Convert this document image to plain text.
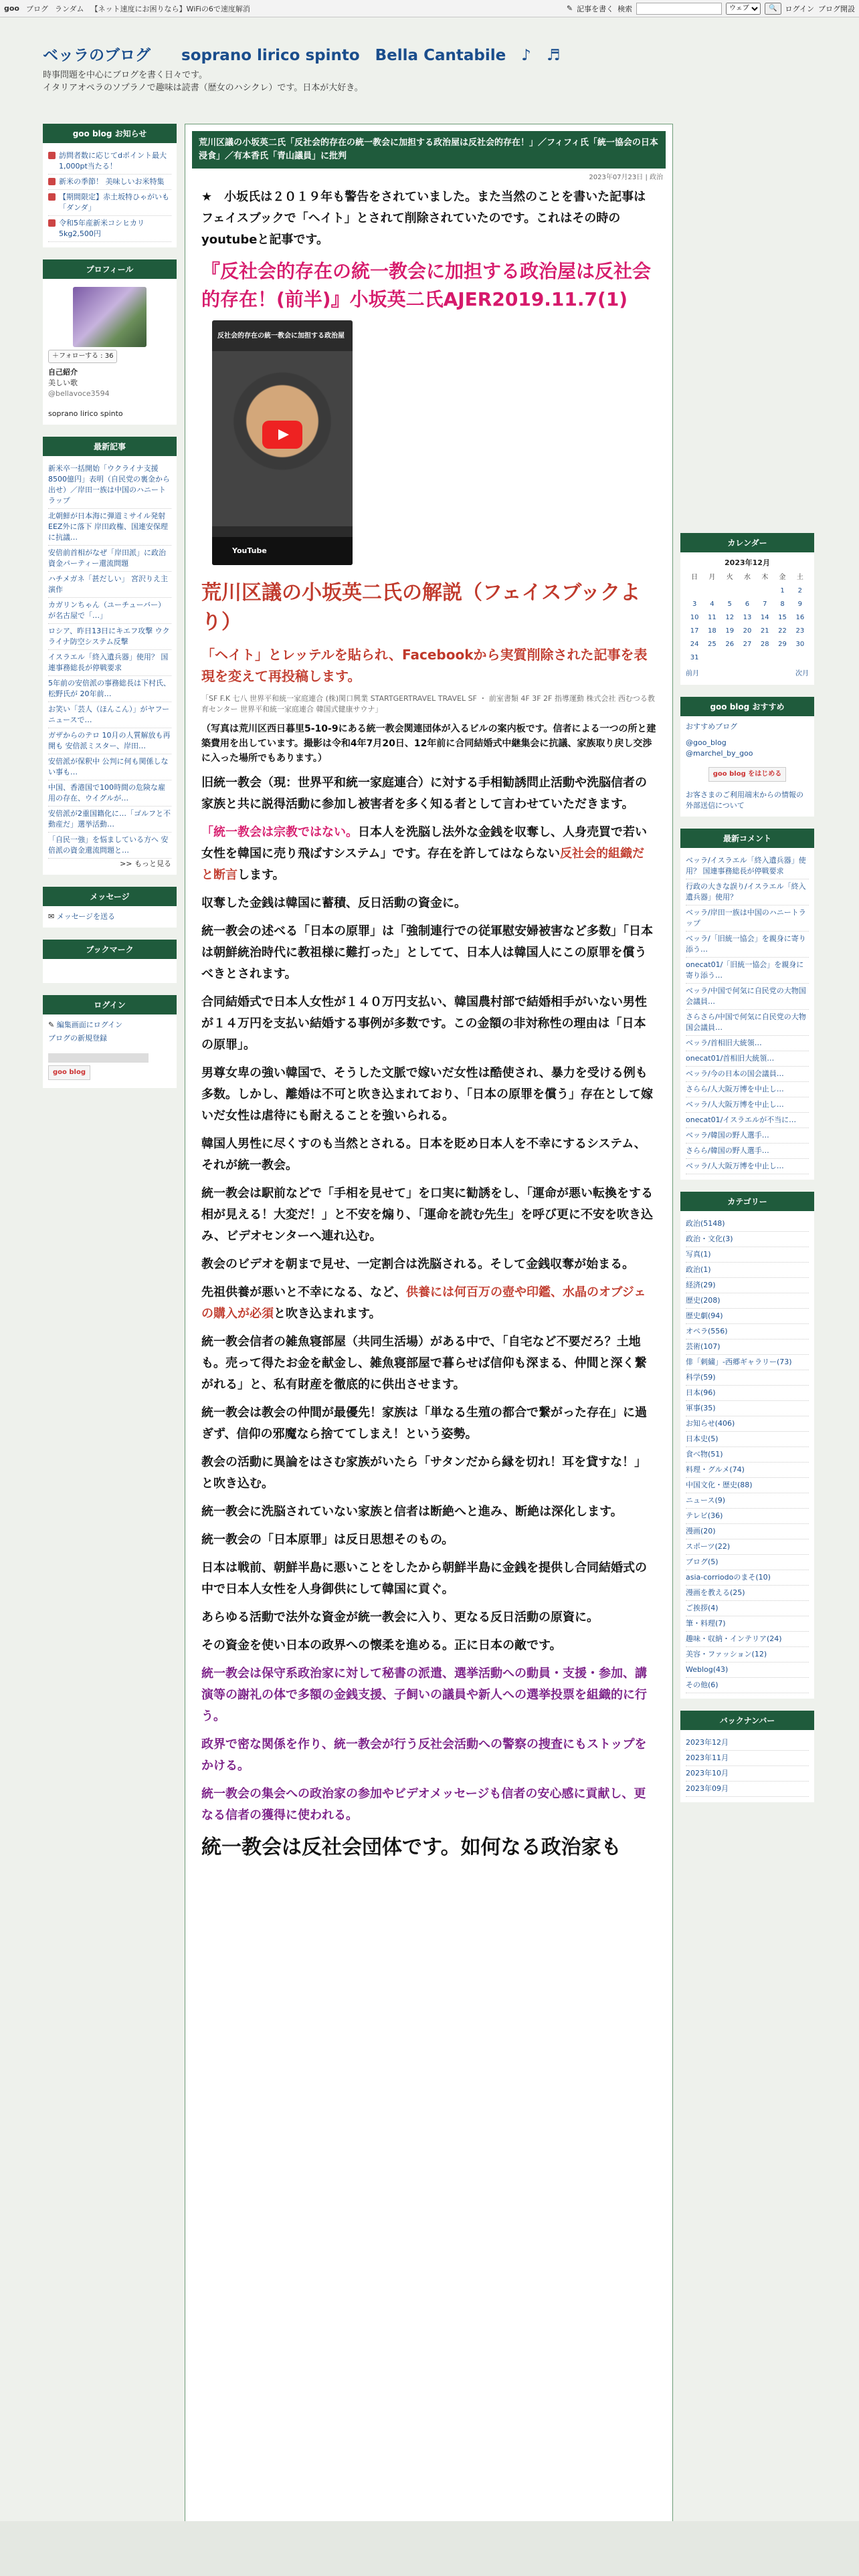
goo ブログ ランダム 【ネット速度にお困りなら】WiFiの6で速度解消	✎ 記事を書く 検索
ウェブ	🔍	ログイン ブログ開設
ベッラのブログ　　soprano lirico spinto　Bella Cantabile　♪　♬
時事問題を中心にブログを書く日々です。
イタリアオペラのソプラノで趣味は読書（歴女のハシクレ）です。日本が大好き。
goo blog お知らせ
訪問者数に応じてdポイント最大1,000pt当たる！
新米の季節！ 美味しいお米特集
【期間限定】赤土坂特ひゃがいも「ダンダ」
令和5年産新米コシヒカリ5kg2,500円
プロフィール
＋フォローする : 36
自己紹介
美しい歌
@bellavoce3594
soprano lirico spinto
最新記事
新米卒一括開始「ウクライナ支援8500億円」表明（自民党の裏金から出せ）／岸田一族は中国のハニートラップ
北朝鮮が日本海に弾道ミサイル発射 EEZ外に落下 岸田政権、国連安保理に抗議…
安倍前首相がなぜ「岸田派」に政治資金パーティー還流問題
ハチメガネ「甚だしい」 宮沢りえ主演作
カガリンちゃん（ユーチューバー）が名古屋で「…」
ロシア、昨日13日にキエフ攻撃 ウクライナ防空システム反撃
イスラエル「終入遺兵器」使用？ 国連事務総長が停戦要求
5年前の安倍派の事務総長は下村氏、松野氏が 20年前…
お笑い「芸人（ほんこん）」がヤフーニュースで…
ガザからのテロ 10月の人質解放も再開も 安倍派ミスター、岸田…
安倍派が保釈中 公判に何も関係しない事も…
中国、香港国で100時間の危険な雇用の存在、ウイグルが…
安倍派が2重国籍化に…「ゴルフと不動産だ」選挙活動…
「自民一強」を悩ましている方へ 安倍派の資金還流問題と…
>> もっと見る
メッセージ
✉ メッセージを送る
ブックマーク
ログイン
✎ 編集画面にログイン
ブログの新規登録
goo blog
荒川区議の小坂英二氏「反社会的存在の統一教会に加担する政治屋は反社会的存在！」／フィフィ氏「統一協会の日本浸食」／有本香氏「青山議員」に批判
2023年07月23日 | 政治

★　小坂氏は２０１９年も警告をされていました。また当然のことを書いた記事はフェイスブックで「ヘイト」とされて削除されていたのです。これはその時のyoutubeと記事です。

『反社会的存在の統一教会に加担する政治屋は反社会的存在！(前半)』小坂英二氏AJER2019.11.7(1)

反社会的存在の統一教会に加担する政治屋
YouTube

荒川区議の小坂英二氏の解説（フェイスブックより）

「ヘイト」とレッテルを貼られ、Facebookから実質削除された記事を表現を変えて再投稿します。

「SF F.K 七八 世界平和統一家庭連合 (株)関口興業 STARTGERTRAVEL TRAVEL SF ・ 前室書類 4F 3F 2F 指導運動 株式会社 西むつる教育センター 世界平和統一家庭連合 韓国式健康サウナ」

（写真は荒川区西日暮里5-10-9にある統一教会関連団体が入るビルの案内板です。信者による一つの所と建築費用を出しています。撮影は令和4年7月20日、12年前に合同結婚式中継集会に抗議、家族取り戻し交渉に入った場所でもあります。）

旧統一教会（現：世界平和統一家庭連合）に対する手相勧誘問止活動や洗脳信者の家族と共に説得活動に参加し被害者を多く知る者として言わせていただきます。

「統一教会は宗教ではない。日本人を洗脳し法外な金銭を収奪し、人身売買で若い女性を韓国に売り飛ばすシステム」です。存在を許してはならない反社会的組織だと断言します。

収奪した金銭は韓国に蓄積、反日活動の資金に。

統一教会の述べる「日本の原罪」は「強制連行での従軍慰安婦被害など多数」「日本は朝鮮統治時代に教祖様に難打った」としてて、日本人は韓国人にこの原罪を償うべきとされます。

合同結婚式で日本人女性が１４０万円支払い、韓国農村部で結婚相手がいない男性が１４万円を支払い結婚する事例が多数です。この金額の非対称性の理由は「日本の原罪」。

男尊女卑の強い韓国で、そうした文脈で嫁いだ女性は酷使され、暴力を受ける例も多数。しかし、離婚は不可と吹き込まれており、「日本の原罪を償う」存在として嫁いだ女性は虐待にも耐えることを強いられる。

韓国人男性に尽くすのも当然とされる。日本を貶め日本人を不幸にするシステム、それが統一教会。

統一教会は駅前などで「手相を見せて」を口実に勧誘をし、「運命が悪い転換をする相が見える！大変だ！」と不安を煽り、「運命を読む先生」を呼び更に不安を吹き込み、ビデオセンターへ連れ込む。

教会のビデオを朝まで見せ、一定割合は洗脳される。そして金銭収奪が始まる。

先祖供養が悪いと不幸になる、など、供養には何百万の壺や印鑑、水晶のオブジェの購入が必須と吹き込まれます。

統一教会信者の雑魚寝部屋（共同生活場）がある中で、「自宅など不要だろ？土地も。売って得たお金を献金し、雑魚寝部屋で暮らせば信仰も深まる、仲間と深く繋がれる」と、私有財産を徹底的に供出させます。

統一教会は教会の仲間が最優先！家族は「単なる生殖の都合で繋がった存在」に過ぎず、信仰の邪魔なら捨ててしまえ！という姿勢。

教会の活動に異論をはさむ家族がいたら「サタンだから縁を切れ！耳を貸すな！」と吹き込む。

統一教会に洗脳されていない家族と信者は断絶へと進み、断絶は深化します。

統一教会の「日本原罪」は反日思想そのもの。

日本は戦前、朝鮮半島に悪いことをしたから朝鮮半島に金銭を提供し合同結婚式の中で日本人女性を人身御供にして韓国に貢ぐ。

あらゆる活動で法外な資金が統一教会に入り、更なる反日活動の原資に。

その資金を使い日本の政界への懐柔を進める。正に日本の敵です。

統一教会は保守系政治家に対して秘書の派遣、選挙活動への動員・支援・参加、講演等の謝礼の体で多額の金銭支援、子飼いの議員や新人への選挙投票を組織的に行う。

政界で密な関係を作り、統一教会が行う反社会活動への警察の捜査にもストップをかける。

統一教会の集会への政治家の参加やビデオメッセージも信者の安心感に貢献し、更なる信者の獲得に使われる。

統一教会は反社会団体です。如何なる政治家も

カレンダー
2023年12月
日	月	火	水	木	金	土
					1	2
3	4	5	6	7	8	9
10	11	12	13	14	15	16
17	18	19	20	21	22	23
24	25	26	27	28	29	30
31						
前月	次月
goo blog おすすめ
おすすめブログ
@goo_blog
@marchel_by_goo
goo blog をはじめる
お客さまのご利用端末からの情報の外部送信について
最新コメント
ベッラ/イスラエル「終入遺兵器」使用？ 国連事務総長が停戦要求
行政の大きな誤り/イスラエル「終入遺兵器」使用？
ベッラ/岸田一族は中国のハニートラップ
ベッラ/「旧統一協会」を親身に寄り添う…
onecat01/「旧統一協会」を親身に寄り添う…
ベッラ/中国で何気に自民党の大物国会議員…
さらさら/中国で何気に自民党の大物国会議員…
ベッラ/首相旧大統領…
onecat01/首相旧大統領…
ベッラ/今の日本の国会議員…
さらら/人大阪万博を中止し…
ベッラ/人大阪万博を中止し…
onecat01/イスラエルが不当に…
ベッラ/韓国の野人選手…
さらら/韓国の野人選手…
ベッラ/人大阪万博を中止し…
カテゴリー
政治(5148)
政治・文化(3)
写真(1)
政治(1)
経済(29)
歴史(208)
歴史劇(94)
オペラ(556)
芸術(107)
俳「刺繍」-西郷ギャラリー(73)
科学(59)
日本(96)
軍事(35)
お知らせ(406)
日本史(5)
食べ物(51)
料理・グルメ(74)
中国文化・歴史(88)
ニュース(9)
テレビ(36)
漫画(20)
スポーツ(22)
ブログ(5)
asia-corriodoのまそ(10)
漫画を教える(25)
ご挨拶(4)
筆・料理(7)
趣味・収納・インテリア(24)
美容・ファッション(12)
Weblog(43)
その他(6)
バックナンバー
2023年12月
2023年11月
2023年10月
2023年09月
